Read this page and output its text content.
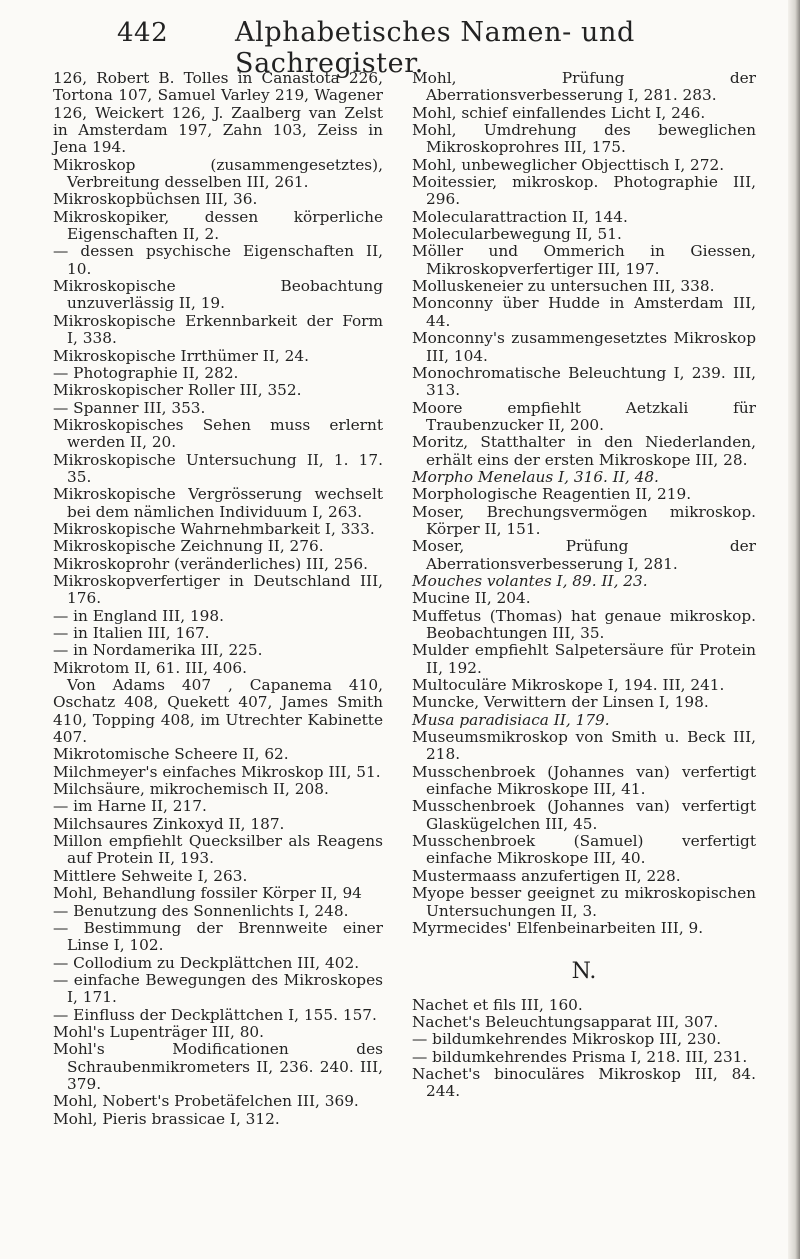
442 Alphabetisches Namen- und Sachregister.

126, Robert B. Tolles in Canastota 226, Tortona 107, Samuel Varley 219, Wagener 126, Weickert 126, J. Zaalberg van Zelst in Amsterdam 197, Zahn 103, Zeiss in Jena 194.

Mikroskop (zusammengesetztes), Verbreitung desselben III, 261.

Mikroskopbüchsen III, 36.

Mikroskopiker, dessen körperliche Eigenschaften II, 2.

— dessen psychische Eigenschaften II, 10.

Mikroskopische Beobachtung unzuverlässig II, 19.

Mikroskopische Erkennbarkeit der Form I, 338.

Mikroskopische Irrthümer II, 24.

— Photographie II, 282.

Mikroskopischer Roller III, 352.

— Spanner III, 353.

Mikroskopisches Sehen muss erlernt werden II, 20.

Mikroskopische Untersuchung II, 1. 17. 35.

Mikroskopische Vergrösserung wechselt bei dem nämlichen Individuum I, 263.

Mikroskopische Wahrnehmbarkeit I, 333.

Mikroskopische Zeichnung II, 276.

Mikroskoprohr (veränderliches) III, 256.

Mikroskopverfertiger in Deutschland III, 176.

— in England III, 198.

— in Italien III, 167.

— in Nordamerika III, 225.

Mikrotom II, 61. III, 406.

Von Adams 407 , Capanema 410, Oschatz 408, Quekett 407, James Smith 410, Topping 408, im Utrechter Kabinette 407.

Mikrotomische Scheere II, 62.

Milchmeyer's einfaches Mikroskop III, 51.

Milchsäure, mikrochemisch II, 208.

— im Harne II, 217.

Milchsaures Zinkoxyd II, 187.

Millon empfiehlt Quecksilber als Reagens auf Protein II, 193.

Mittlere Sehweite I, 263.

Mohl, Behandlung fossiler Körper II, 94

— Benutzung des Sonnenlichts I, 248.

— Bestimmung der Brennweite einer Linse I, 102.

— Collodium zu Deckplättchen III, 402.

— einfache Bewegungen des Mikroskopes I, 171.

— Einfluss der Deckplättchen I, 155. 157.

Mohl's Lupenträger III, 80.

Mohl's Modificationen des Schraubenmikrometers II, 236. 240. III, 379.

Mohl, Nobert's Probetäfelchen III, 369.

Mohl, Pieris brassicae I, 312.

Mohl, Prüfung der Aberrationsverbesserung I, 281. 283.

Mohl, schief einfallendes Licht I, 246.

Mohl, Umdrehung des beweglichen Mikroskoprohres III, 175.

Mohl, unbeweglicher Objecttisch I, 272.

Moitessier, mikroskop. Photographie III, 296.

Molecularattraction II, 144.

Molecularbewegung II, 51.

Möller und Ommerich in Giessen, Mikroskopverfertiger III, 197.

Molluskeneier zu untersuchen III, 338.

Monconny über Hudde in Amsterdam III, 44.

Monconny's zusammengesetztes Mikroskop III, 104.

Monochromatische Beleuchtung I, 239. III, 313.

Moore empfiehlt Aetzkali für Traubenzucker II, 200.

Moritz, Statthalter in den Niederlanden, erhält eins der ersten Mikroskope III, 28.

Morpho Menelaus I, 316. II, 48.

Morphologische Reagentien II, 219.

Moser, Brechungsvermögen mikroskop. Körper II, 151.

Moser, Prüfung der Aberrationsverbesserung I, 281.

Mouches volantes I, 89. II, 23.

Mucine II, 204.

Muffetus (Thomas) hat genaue mikroskop. Beobachtungen III, 35.

Mulder empfiehlt Salpetersäure für Protein II, 192.

Multoculäre Mikroskope I, 194. III, 241.

Muncke, Verwittern der Linsen I, 198.

Musa paradisiaca II, 179.

Museumsmikroskop von Smith u. Beck III, 218.

Musschenbroek (Johannes van) verfertigt einfache Mikroskope III, 41.

Musschenbroek (Johannes van) verfertigt Glaskügelchen III, 45.

Musschenbroek (Samuel) verfertigt einfache Mikroskope III, 40.

Mustermaass anzufertigen II, 228.

Myope besser geeignet zu mikroskopischen Untersuchungen II, 3.

Myrmecides' Elfenbeinarbeiten III, 9.

N.

Nachet et fils III, 160.

Nachet's Beleuchtungsapparat III, 307.

— bildumkehrendes Mikroskop III, 230.

— bildumkehrendes Prisma I, 218. III, 231.

Nachet's binoculäres Mikroskop III, 84. 244.
